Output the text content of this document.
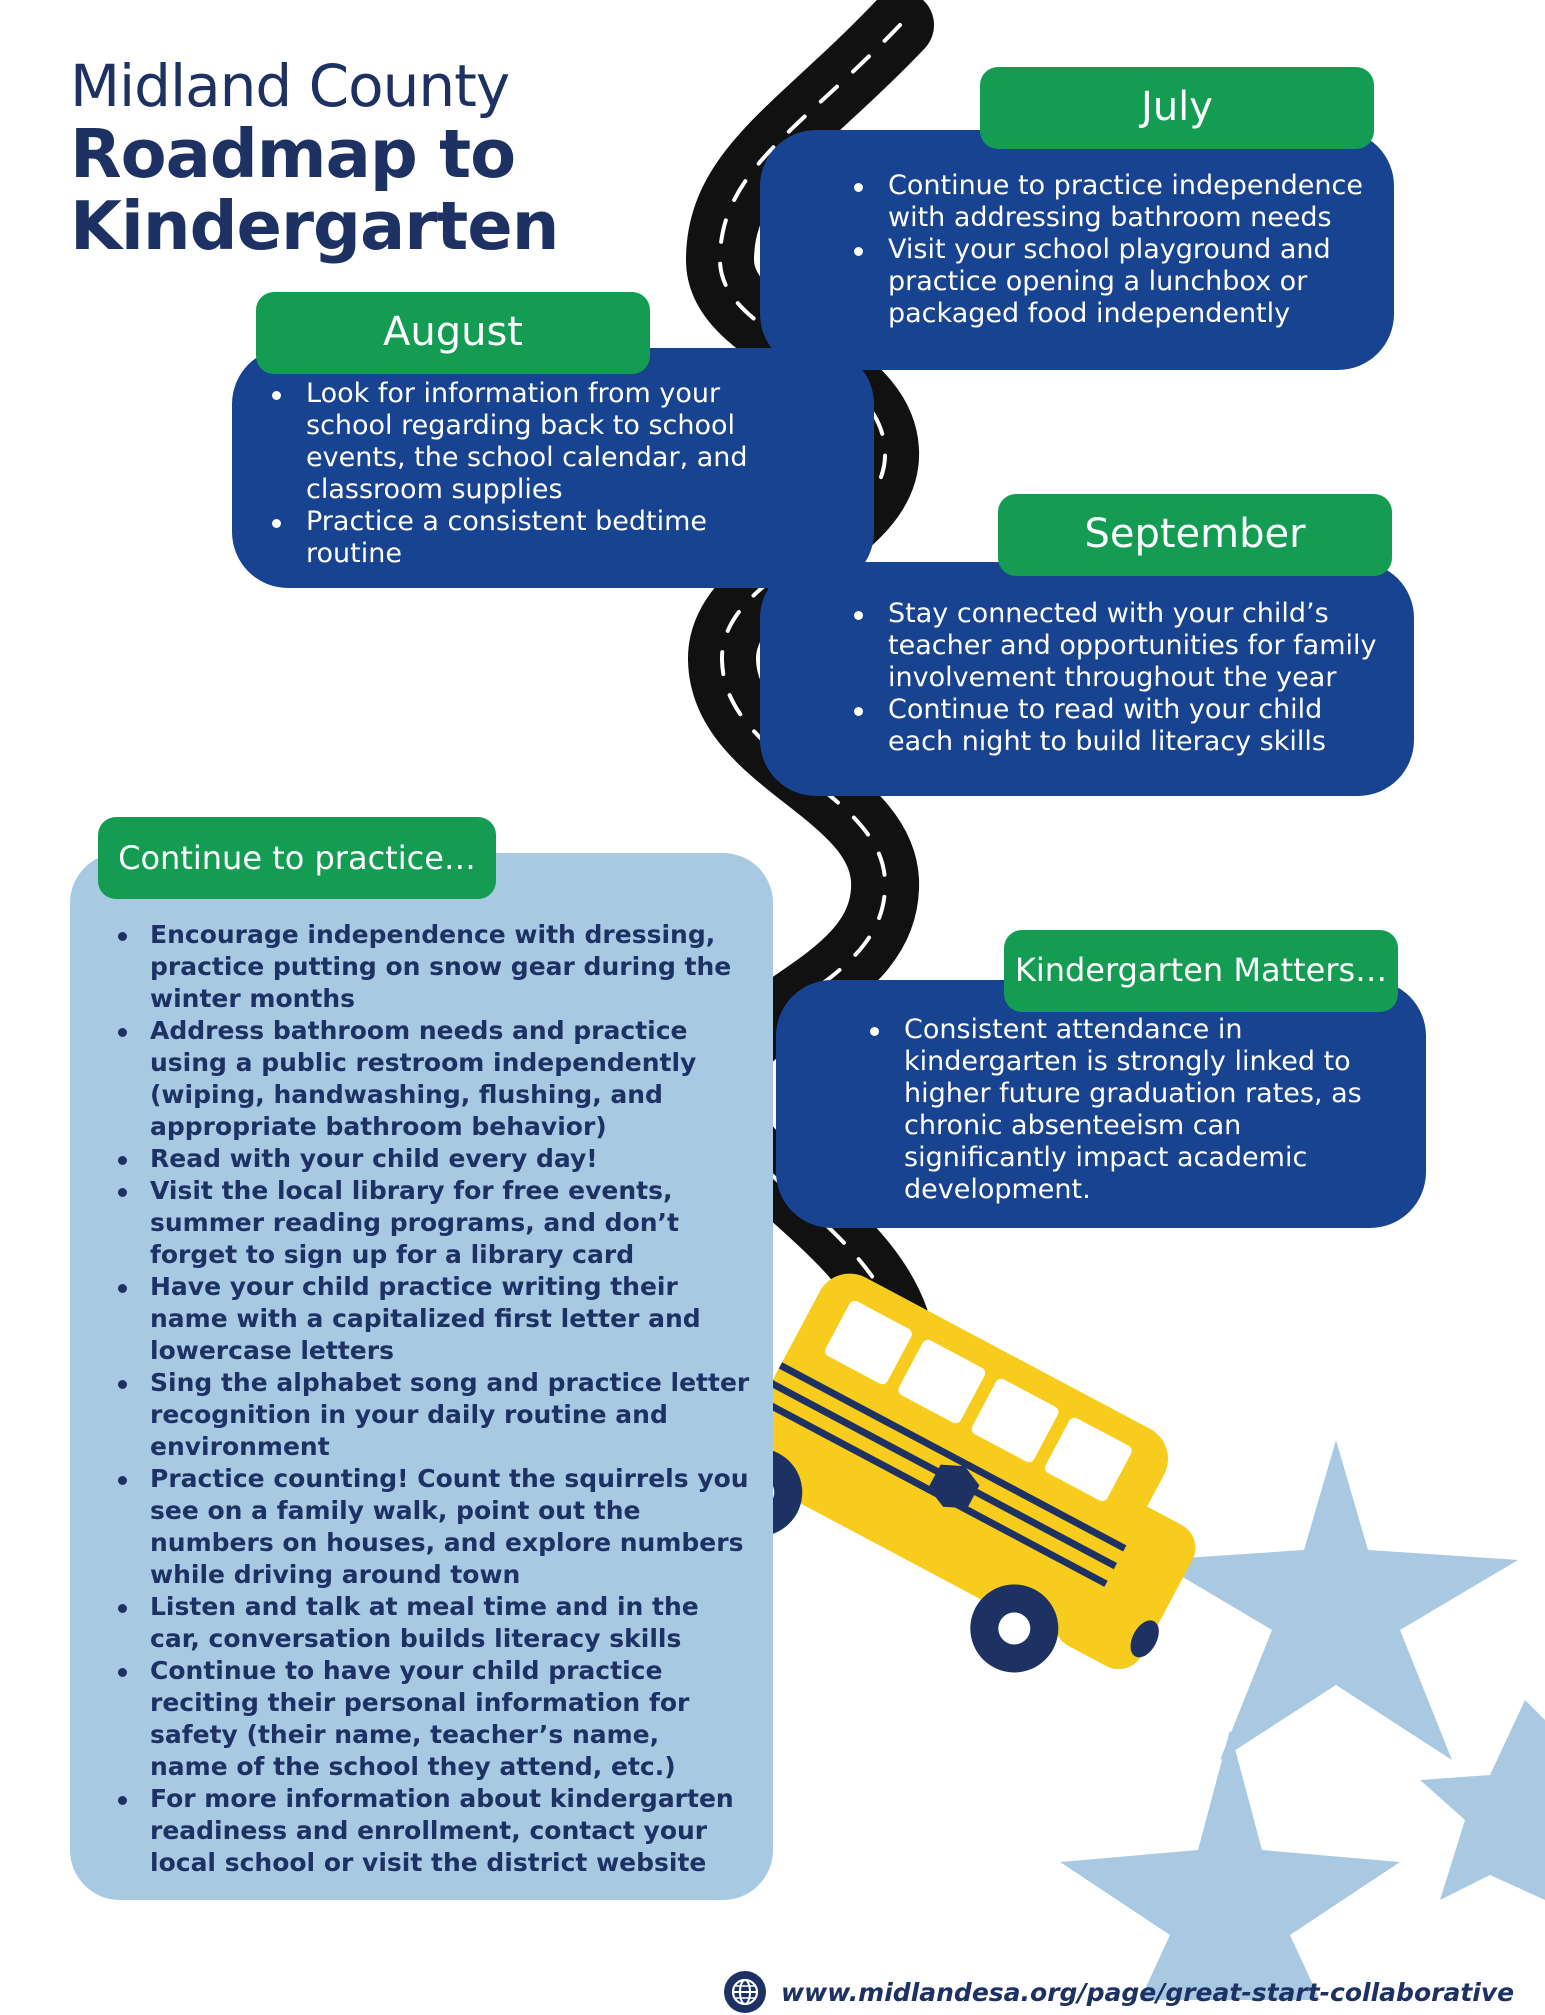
Midland County
Roadmap to Kindergarten
Continue to practice independence
with addressing bathroom needs
Visit your school playground and
practice opening a lunchbox or
packaged food independently
July
Look for information from your
school regarding back to school
events, the school calendar, and
classroom supplies
Practice a consistent bedtime
routine
August
Stay connected with your child’s
teacher and opportunities for family
involvement throughout the year
Continue to read with your child
each night to build literacy skills
September
Consistent attendance in
kindergarten is strongly linked to
higher future graduation rates, as
chronic absenteeism can
significantly impact academic
development.
Kindergarten Matters…
Encourage independence with dressing,
practice putting on snow gear during the
winter months
Address bathroom needs and practice
using a public restroom independently
(wiping, handwashing, flushing, and
appropriate bathroom behavior)
Read with your child every day!
Visit the local library for free events,
summer reading programs, and don’t
forget to sign up for a library card
Have your child practice writing their
name with a capitalized first letter and
lowercase letters
Sing the alphabet song and practice letter
recognition in your daily routine and
environment
Practice counting! Count the squirrels you
see on a family walk, point out the
numbers on houses, and explore numbers
while driving around town
Listen and talk at meal time and in the
car, conversation builds literacy skills
Continue to have your child practice
reciting their personal information for
safety (their name, teacher’s name,
name of the school they attend, etc.)
For more information about kindergarten
readiness and enrollment, contact your
local school or visit the district website
Continue to practice…
www.midlandesa.org/page/great-start-collaborative
